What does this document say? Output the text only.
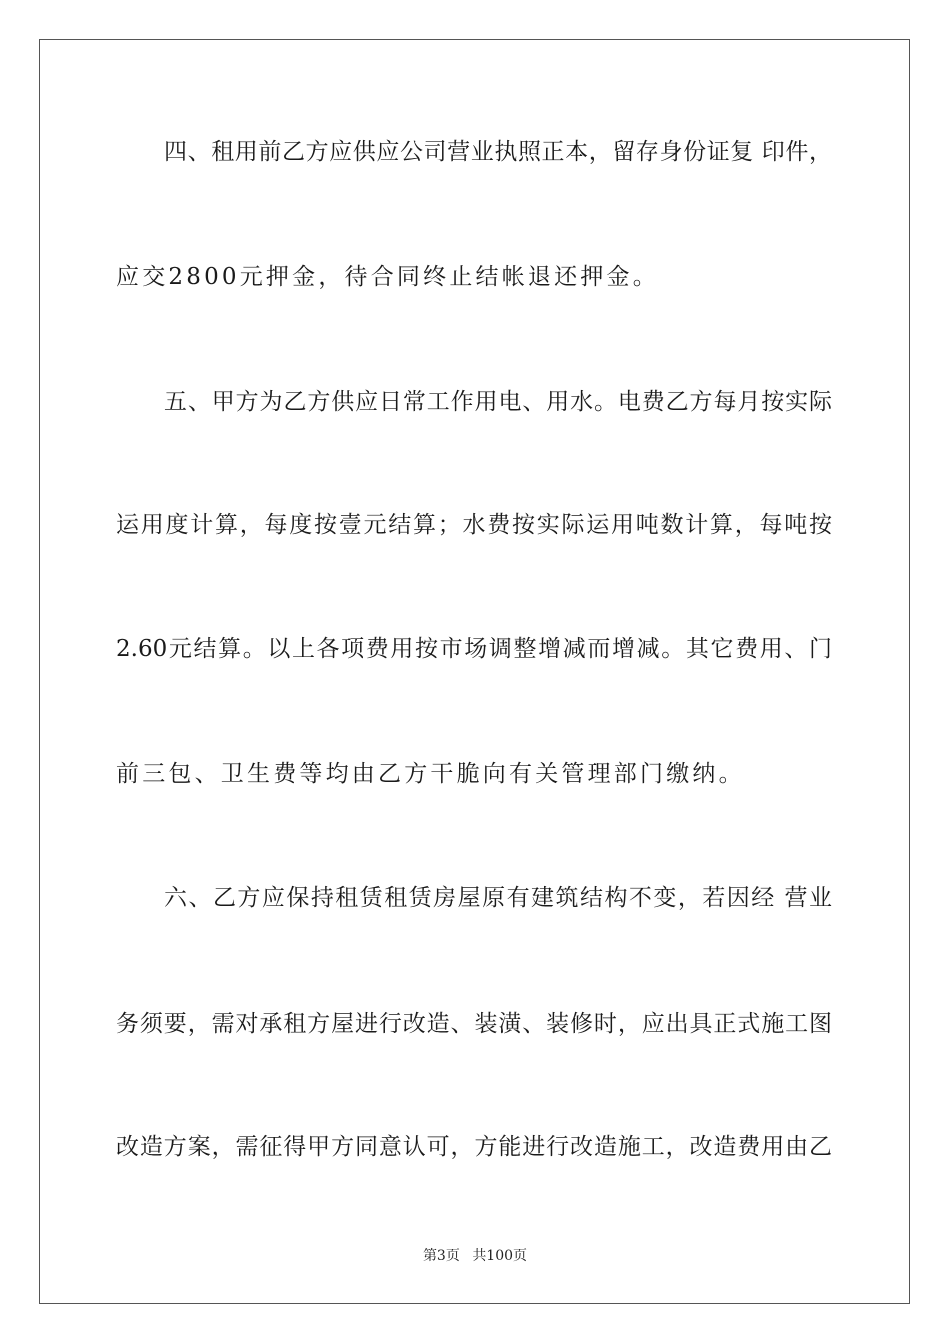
四、租用前乙方应供应公司营业执照正本，留存身份证复 印件，
应交2800元押金，待合同终止结帐退还押金。
五、甲方为乙方供应日常工作用电、用水。电费乙方每月按实际
运用度计算，每度按壹元结算；水费按实际运用吨数计算，每吨按
2.60元结算。以上各项费用按市场调整增减而增减。其它费用、门
前三包、卫生费等均由乙方干脆向有关管理部门缴纳。
六、乙方应保持租赁租赁房屋原有建筑结构不变，若因经 营业
务须要，需对承租方屋进行改造、装潢、装修时，应出具正式施工图
改造方案，需征得甲方同意认可，方能进行改造施工，改造费用由乙
第3页 共100页
